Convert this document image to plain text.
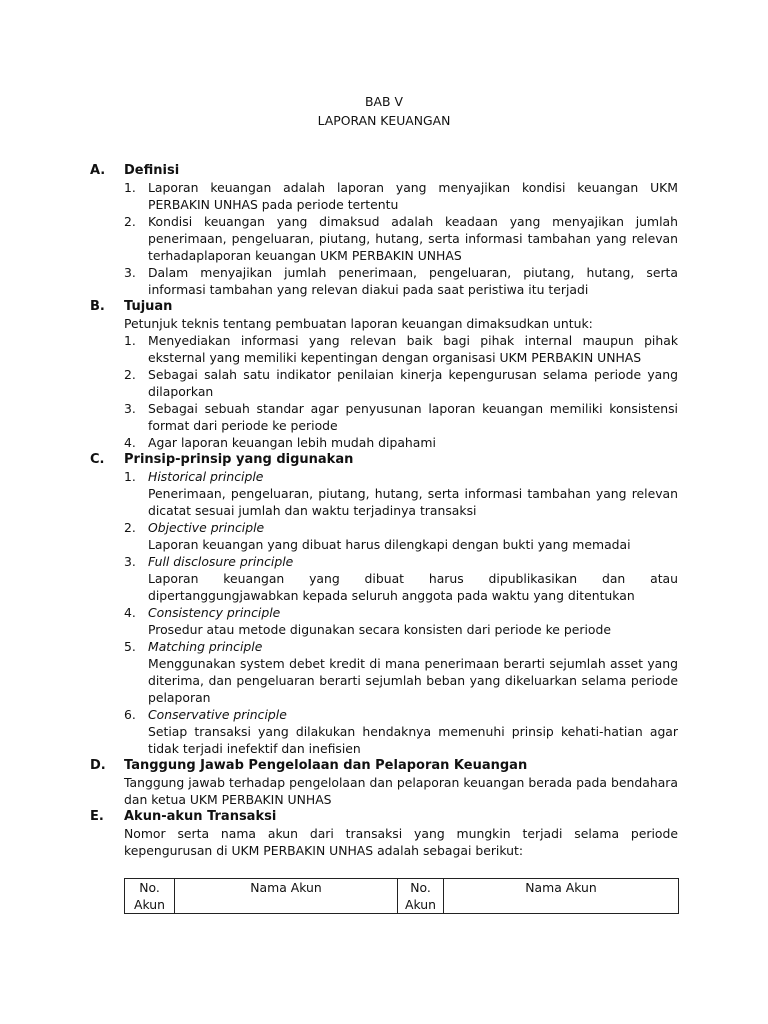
BAB V
LAPORAN KEUANGAN
A.	Definisi
1. Laporan keuangan adalah laporan yang menyajikan kondisi keuangan UKM PERBAKIN UNHAS pada periode tertentu
2. Kondisi keuangan yang dimaksud adalah keadaan yang menyajikan jumlah penerimaan, pengeluaran, piutang, hutang, serta informasi tambahan yang relevan terhadaplaporan keuangan UKM PERBAKIN UNHAS
3. Dalam menyajikan jumlah penerimaan, pengeluaran, piutang, hutang, serta informasi tambahan yang relevan diakui pada saat peristiwa itu terjadi
B.	Tujuan
Petunjuk teknis tentang pembuatan laporan keuangan dimaksudkan untuk:
1. Menyediakan informasi yang relevan baik bagi pihak internal maupun pihak eksternal yang memiliki kepentingan dengan organisasi UKM PERBAKIN UNHAS
2. Sebagai salah satu indikator penilaian kinerja kepengurusan selama periode yang dilaporkan
3. Sebagai sebuah standar agar penyusunan laporan keuangan memiliki konsistensi format dari periode ke periode
4. Agar laporan keuangan lebih mudah dipahami
C.	Prinsip-prinsip yang digunakan
1. Historical principle
Penerimaan, pengeluaran, piutang, hutang, serta informasi tambahan yang relevan dicatat sesuai jumlah dan waktu terjadinya transaksi
2. Objective principle
Laporan keuangan yang dibuat harus dilengkapi dengan bukti yang memadai
3. Full disclosure principle
Laporan keuangan yang dibuat harus dipublikasikan dan atau dipertanggungjawabkan kepada seluruh anggota pada waktu yang ditentukan
4. Consistency principle
Prosedur atau metode digunakan secara konsisten dari periode ke periode
5. Matching principle
Menggunakan system debet kredit di mana penerimaan berarti sejumlah asset yang diterima, dan pengeluaran berarti sejumlah beban yang dikeluarkan selama periode pelaporan
6. Conservative principle
Setiap transaksi yang dilakukan hendaknya memenuhi prinsip kehati-hatian agar tidak terjadi inefektif dan inefisien
D.	Tanggung Jawab Pengelolaan dan Pelaporan Keuangan
Tanggung jawab terhadap pengelolaan dan pelaporan keuangan berada pada bendahara dan ketua UKM PERBAKIN UNHAS
E.	Akun-akun Transaksi
Nomor serta nama akun dari transaksi yang mungkin terjadi selama periode kepengurusan di UKM PERBAKIN UNHAS adalah sebagai berikut:
No. Akun	Nama Akun	No. Akun	Nama Akun
